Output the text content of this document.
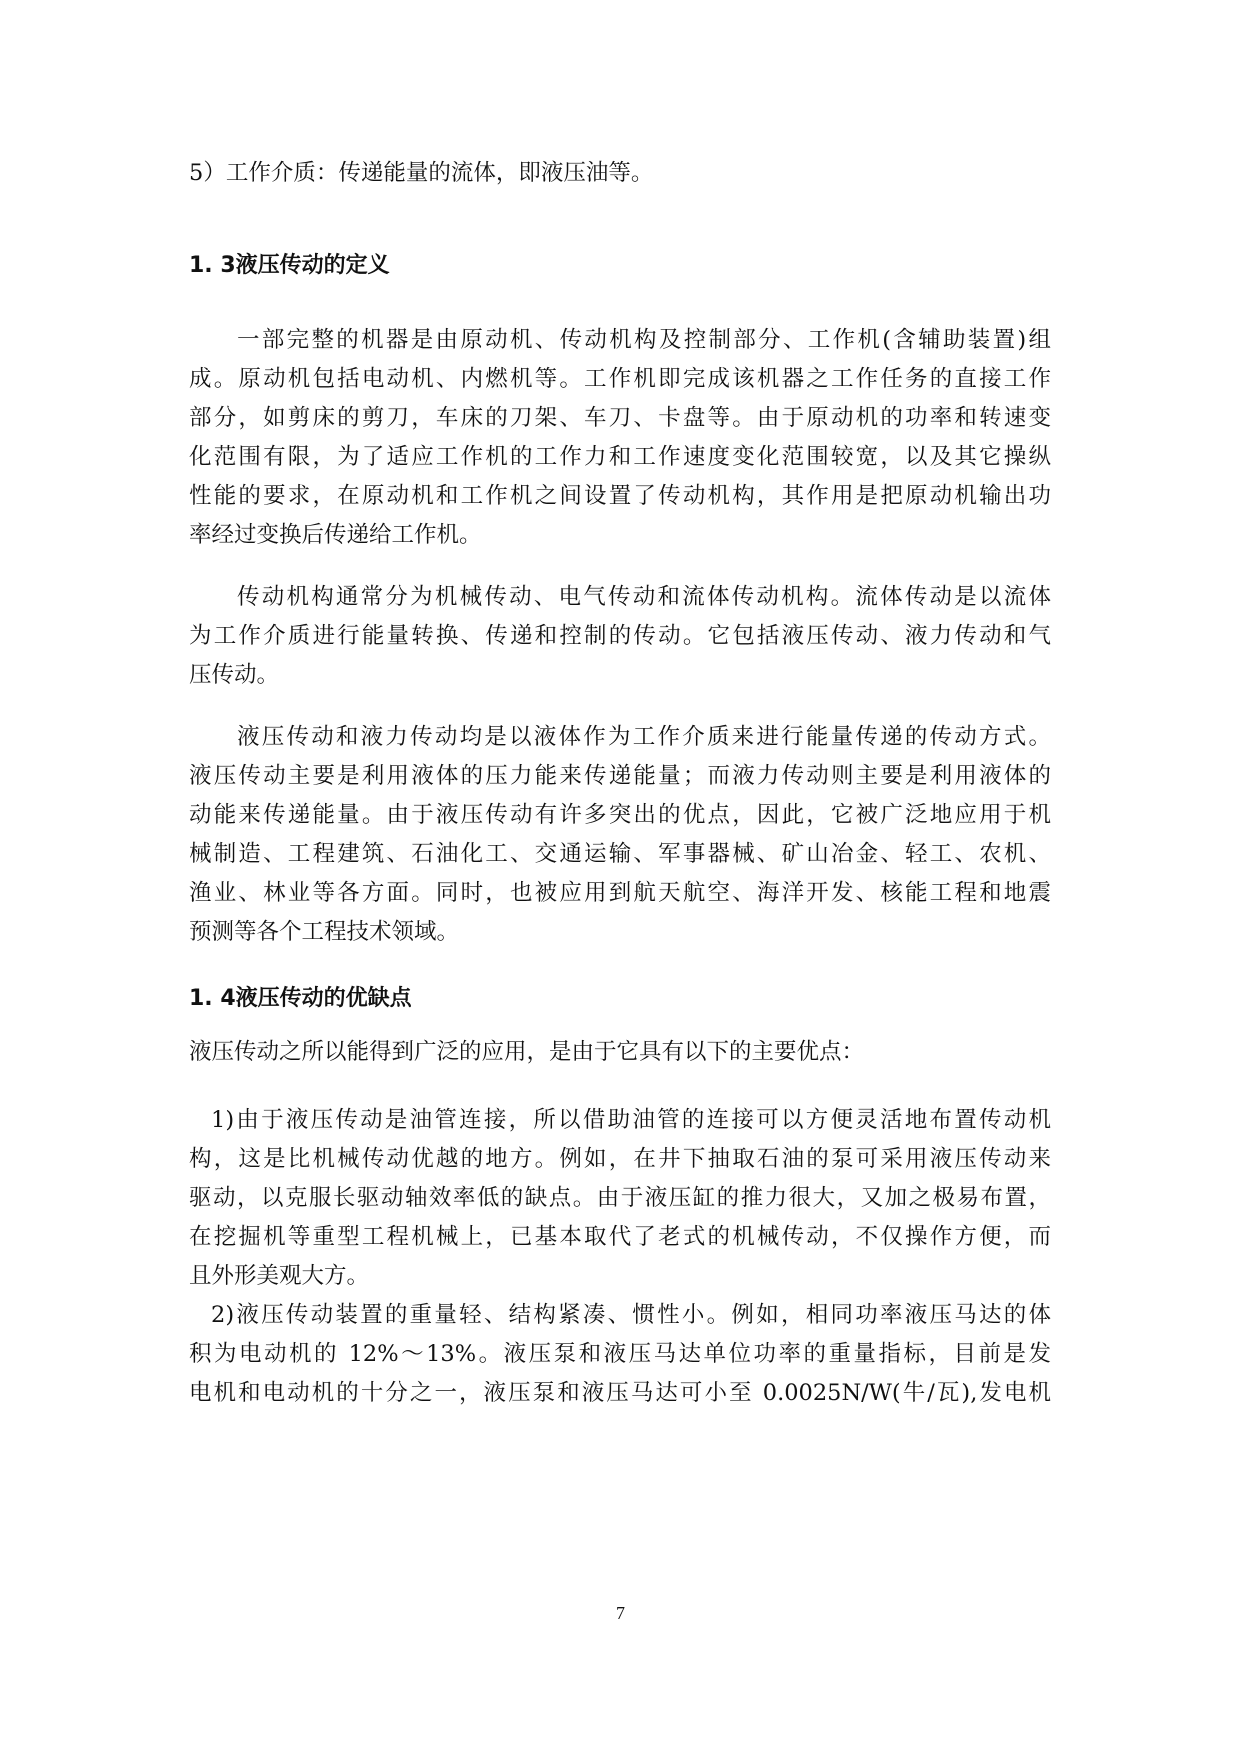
5）工作介质：传递能量的流体，即液压油等。
1. 3液压传动的定义
一部完整的机器是由原动机、传动机构及控制部分、工作机(含辅助装置)组
成。原动机包括电动机、内燃机等。工作机即完成该机器之工作任务的直接工作
部分，如剪床的剪刀，车床的刀架、车刀、卡盘等。由于原动机的功率和转速变
化范围有限，为了适应工作机的工作力和工作速度变化范围较宽，以及其它操纵
性能的要求，在原动机和工作机之间设置了传动机构，其作用是把原动机输出功
率经过变换后传递给工作机。
传动机构通常分为机械传动、电气传动和流体传动机构。流体传动是以流体
为工作介质进行能量转换、传递和控制的传动。它包括液压传动、液力传动和气
压传动。
液压传动和液力传动均是以液体作为工作介质来进行能量传递的传动方式。
液压传动主要是利用液体的压力能来传递能量；而液力传动则主要是利用液体的
动能来传递能量。由于液压传动有许多突出的优点，因此，它被广泛地应用于机
械制造、工程建筑、石油化工、交通运输、军事器械、矿山冶金、轻工、农机、
渔业、林业等各方面。同时，也被应用到航天航空、海洋开发、核能工程和地震
预测等各个工程技术领域。
1. 4液压传动的优缺点
液压传动之所以能得到广泛的应用，是由于它具有以下的主要优点：
1)由于液压传动是油管连接，所以借助油管的连接可以方便灵活地布置传动机
构，这是比机械传动优越的地方。例如，在井下抽取石油的泵可采用液压传动来
驱动，以克服长驱动轴效率低的缺点。由于液压缸的推力很大，又加之极易布置，
在挖掘机等重型工程机械上，已基本取代了老式的机械传动，不仅操作方便，而
且外形美观大方。
2)液压传动装置的重量轻、结构紧凑、惯性小。例如，相同功率液压马达的体
积为电动机的 12%～13%。液压泵和液压马达单位功率的重量指标，目前是发
电机和电动机的十分之一，液压泵和液压马达可小至 0.0025N/W(牛/瓦),发电机
7
